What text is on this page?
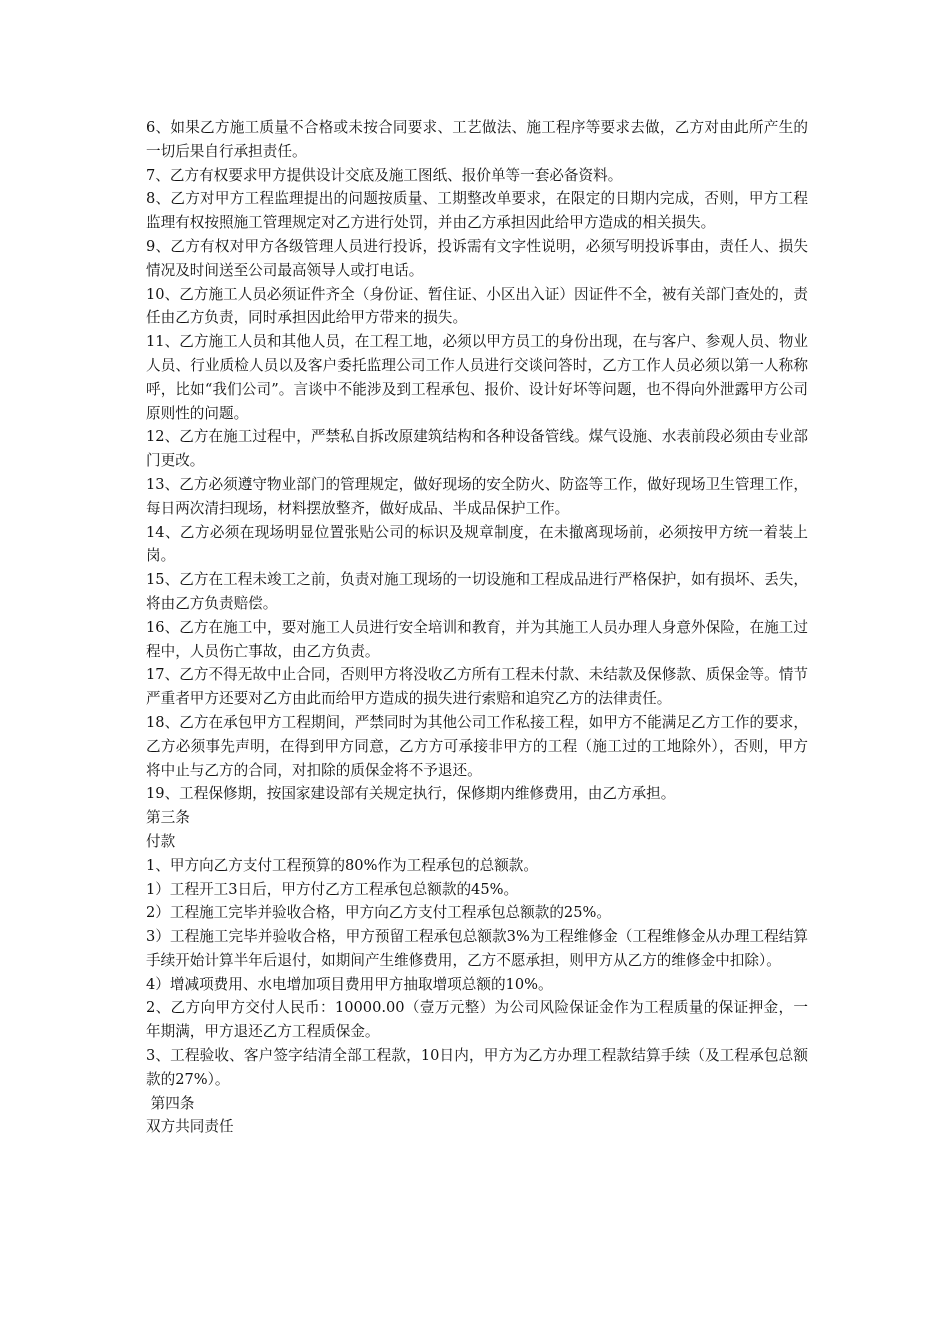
6、如果乙方施工质量不合格或未按合同要求、工艺做法、施工程序等要求去做，乙方对由此所产生的一切后果自行承担责任。

7、乙方有权要求甲方提供设计交底及施工图纸、报价单等一套必备资料。

8、乙方对甲方工程监理提出的问题按质量、工期整改单要求，在限定的日期内完成，否则，甲方工程监理有权按照施工管理规定对乙方进行处罚，并由乙方承担因此给甲方造成的相关损失。

9、乙方有权对甲方各级管理人员进行投诉，投诉需有文字性说明，必须写明投诉事由，责任人、损失情况及时间送至公司最高领导人或打电话。

10、乙方施工人员必须证件齐全（身份证、暂住证、小区出入证）因证件不全，被有关部门查处的，责任由乙方负责，同时承担因此给甲方带来的损失。

11、乙方施工人员和其他人员，在工程工地，必须以甲方员工的身份出现，在与客户、参观人员、物业人员、行业质检人员以及客户委托监理公司工作人员进行交谈问答时，乙方工作人员必须以第一人称称呼，比如“我们公司”。言谈中不能涉及到工程承包、报价、设计好坏等问题，也不得向外泄露甲方公司原则性的问题。

12、乙方在施工过程中，严禁私自拆改原建筑结构和各种设备管线。煤气设施、水表前段必须由专业部门更改。

13、乙方必须遵守物业部门的管理规定，做好现场的安全防火、防盗等工作，做好现场卫生管理工作，每日两次清扫现场，材料摆放整齐，做好成品、半成品保护工作。

14、乙方必须在现场明显位置张贴公司的标识及规章制度，在未撤离现场前，必须按甲方统一着装上岗。

15、乙方在工程未竣工之前，负责对施工现场的一切设施和工程成品进行严格保护，如有损坏、丢失，将由乙方负责赔偿。

16、乙方在施工中，要对施工人员进行安全培训和教育，并为其施工人员办理人身意外保险，在施工过程中，人员伤亡事故，由乙方负责。

17、乙方不得无故中止合同，否则甲方将没收乙方所有工程未付款、未结款及保修款、质保金等。情节严重者甲方还要对乙方由此而给甲方造成的损失进行索赔和追究乙方的法律责任。

18、乙方在承包甲方工程期间，严禁同时为其他公司工作私接工程，如甲方不能满足乙方工作的要求，乙方必须事先声明，在得到甲方同意，乙方方可承接非甲方的工程（施工过的工地除外），否则，甲方将中止与乙方的合同，对扣除的质保金将不予退还。

19、工程保修期，按国家建设部有关规定执行，保修期内维修费用，由乙方承担。

第三条

付款

1、甲方向乙方支付工程预算的80%作为工程承包的总额款。

1）工程开工3日后，甲方付乙方工程承包总额款的45%。

2）工程施工完毕并验收合格，甲方向乙方支付工程承包总额款的25%。

3）工程施工完毕并验收合格，甲方预留工程承包总额款3%为工程维修金（工程维修金从办理工程结算手续开始计算半年后退付，如期间产生维修费用，乙方不愿承担，则甲方从乙方的维修金中扣除）。

4）增减项费用、水电增加项目费用甲方抽取增项总额的10%。

2、乙方向甲方交付人民币：10000.00（壹万元整）为公司风险保证金作为工程质量的保证押金，一年期满，甲方退还乙方工程质保金。

3、工程验收、客户签字结清全部工程款，10日内，甲方为乙方办理工程款结算手续（及工程承包总额款的27%）。

第四条

双方共同责任
